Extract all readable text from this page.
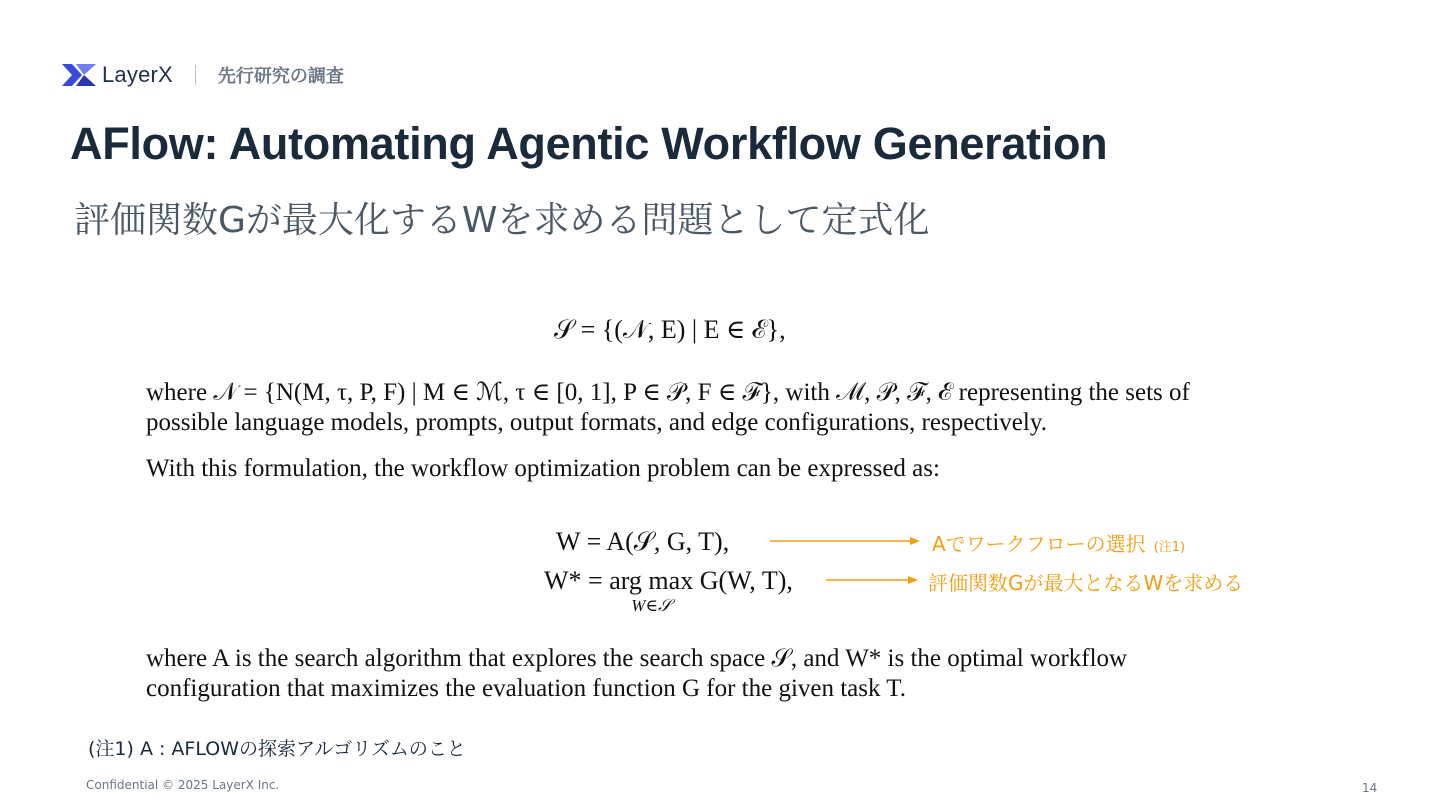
LayerX	先行研究の調査
AFlow: Automating Agentic Workflow Generation
評価関数Gが最大化するWを求める問題として定式化
𝒮 = {(𝒩, E) | E ∈ ℰ},
where 𝒩 = {N(M, τ, P, F) | M ∈ ℳ, τ ∈ [0, 1], P ∈ 𝒫, F ∈ ℱ}, with ℳ, 𝒫, ℱ, ℰ representing the sets of possible language models, prompts, output formats, and edge configurations, respectively.
With this formulation, the workflow optimization problem can be expressed as:
W = A(𝒮, G, T),
W* = arg max
W∈𝒮
G(W, T),
where A is the search algorithm that explores the search space 𝒮, and W* is the optimal workflow configuration that maximizes the evaluation function G for the given task T.
Aでワークフローの選択 (注1)
評価関数Gが最大となるWを求める
(注1) A : AFLOWの探索アルゴリズムのこと
Confidential © 2025 LayerX Inc.	14
